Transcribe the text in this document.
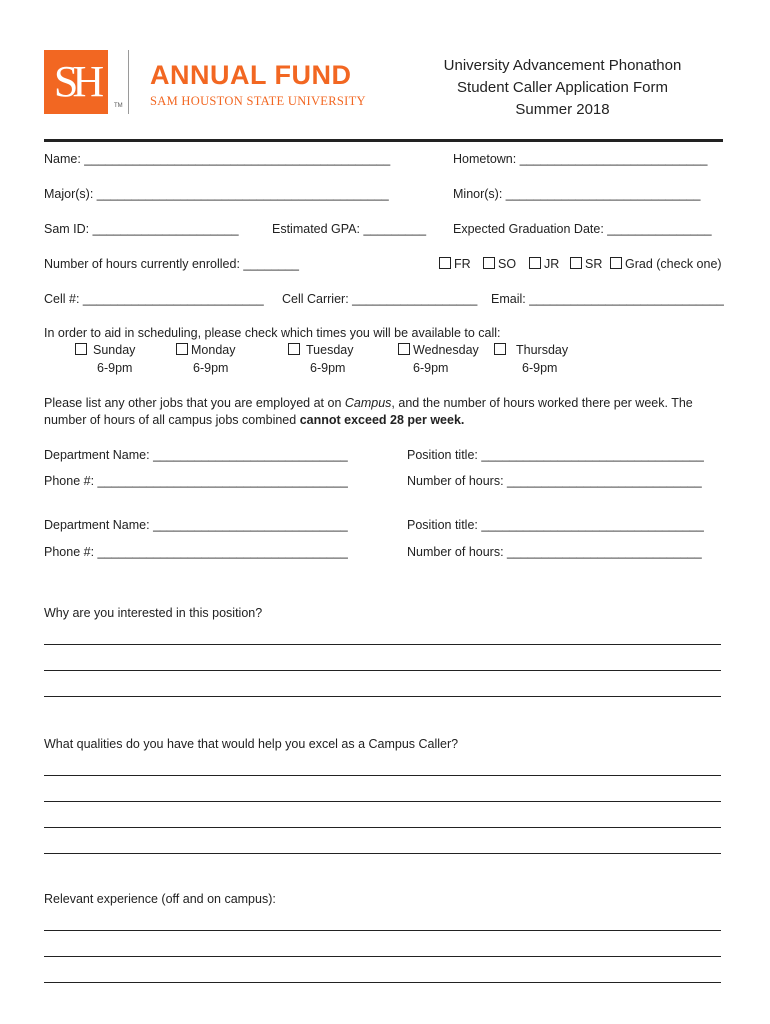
SH	TM
ANNUAL FUND
SAM HOUSTON STATE UNIVERSITY
University Advancement Phonathon
Student Caller Application Form
Summer 2018
Name: ____________________________________________	Hometown: ___________________________
Major(s): __________________________________________	Minor(s): ____________________________
Sam ID: _____________________	Estimated GPA: _________ Expected Graduation Date: _______________
Number of hours currently enrolled: ________	FR	SO	JR	SR	Grad (check one)
Cell #: __________________________ Cell Carrier: __________________ Email: ____________________________
In order to aid in scheduling, please check which times you will be available to call:
Sunday
6-9pm
Monday
6-9pm
Tuesday
6-9pm
Wednesday
6-9pm
Thursday
6-9pm
Please list any other jobs that you are employed at on Campus, and the number of hours worked there per week. The
number of hours of all campus jobs combined cannot exceed 28 per week.
Department Name: ____________________________	Position title: ________________________________
Phone #: ____________________________________	Number of hours: ____________________________
Department Name: ____________________________	Position title: ________________________________
Phone #: ____________________________________	Number of hours: ____________________________
Why are you interested in this position?
What qualities do you have that would help you excel as a Campus Caller?
Relevant experience (off and on campus):
